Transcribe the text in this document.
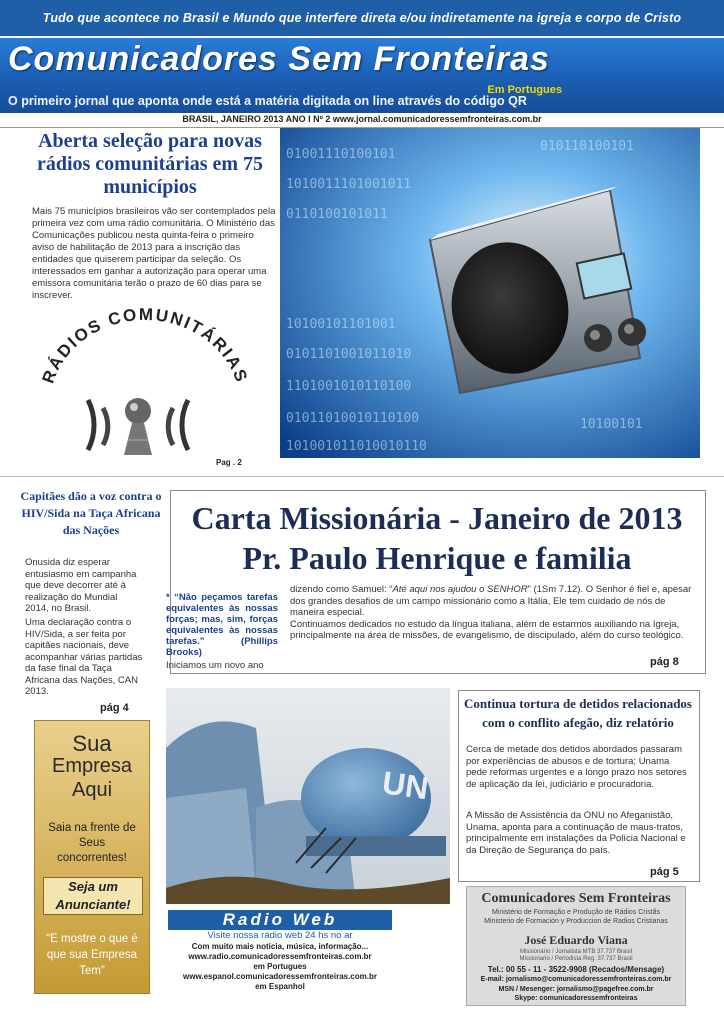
Tudo que acontece no Brasil e Mundo que interfere direta e/ou indiretamente na igreja e corpo de Cristo
Comunicadores Sem Fronteiras
Em Portugues
O primeiro jornal que aponta onde está a matéria digitada on line através do código QR
BRASIL, JANEIRO 2013 ANO I Nº 2 www.jornal.comunicadoressemfronteiras.com.br
Aberta seleção para novas rádios comunitárias em 75 municípios
Mais 75 municípios brasileiros vão ser contemplados pela primeira vez com uma rádio comunitária. O Ministério das Comunicações publicou nesta quinta-feira o primeiro aviso de habilitação de 2013 para a inscrição das entidades que quiserem participar da seleção. Os interessados em ganhar a autorização para operar uma emissora comunitária terão o prazo de 60 dias para se inscrever.
RÁDIOS COMUNITÁRIAS
01001110100101
1010011101001011
0110100101011
10100101101001
0101101001011010
1101001010110100
01011010010110100
101001011010010110
010110100101
10100101
Pag . 2
Capitães dão a voz contra o HIV/Sida na Taça Africana das Nações
Onusida diz esperar entusiasmo em campanha que deve decorrer até à realização do Mundial 2014, no Brasil.
Uma declaração contra o HIV/Sida, a ser feita por capitães nacionais, deve acompanhar várias partidas da fase final da Taça Africana das Nações, CAN 2013.
pág 4
Sua
Empresa
Aqui
Saia na frente de Seus concorrentes!
Seja um Anunciante!
“E mostre o que é que sua Empresa Tem”
Carta Missionária - Janeiro de 2013
Pr. Paulo Henrique e familia
* “Não peçamos tarefas equivalentes às nossas forças; mas, sim, forças equivalentes às nossas tarefas.” (Phillips Brooks)
Iniciamos um novo ano
dizendo como Samuel: “Até aqui nos ajudou o SENHOR” (1Sm 7.12). O Senhor é fiel e, apesar dos grandes desafios de um campo missionário como a Itália, Ele tem cuidado de nós de maneira especial.
Continuamos dedicados no estudo da língua italiana, além de estarmos auxiliando na Igreja, principalmente na área de missões, de evangelismo, de discipulado, além do curso teológico.
pág 8
UN
Continua tortura de detidos relacionados com o conflito afegão, diz relatório
Cerca de metade dos detidos abordados passaram por experiências de abusos e de tortura; Unama pede reformas urgentes e a longo prazo nos setores de aplicação da lei, judiciário e procuradoria.
A Missão de Assistência da ONU no Afeganistão, Unama, aponta para a continuação de maus-tratos, principalmente em instalações da Polícia Nacional e da Direção de Segurança do país.
pág 5
Radio Web
Visite nossa rádio web 24 hs no ar
Com muito mais notícia, música, informação...
www.radio.comunicadoressemfronteiras.com.br
em Portugues
www.espanol.comunicadoressemfronteiras.com.br
em Espanhol
Comunicadores Sem Fronteiras
Ministério de Formação e Produção de Rádios Cristãs
Ministerio de Formación y Produccion de Radios Cristianas
José Eduardo Viana
Missionário / Jornalista MTB 37.737 Brasil
Missionario / Periodista Reg. 37.737 Brasil
Tel.: 00 55 - 11 - 3522-9908 (Recados/Mensage)
E-mail: jornalismo@comunicadoressemfronteiras.com.br
MSN / Mesenger: jornalismo@pagefree.com.br
Skype: comunicadoressemfronteiras
